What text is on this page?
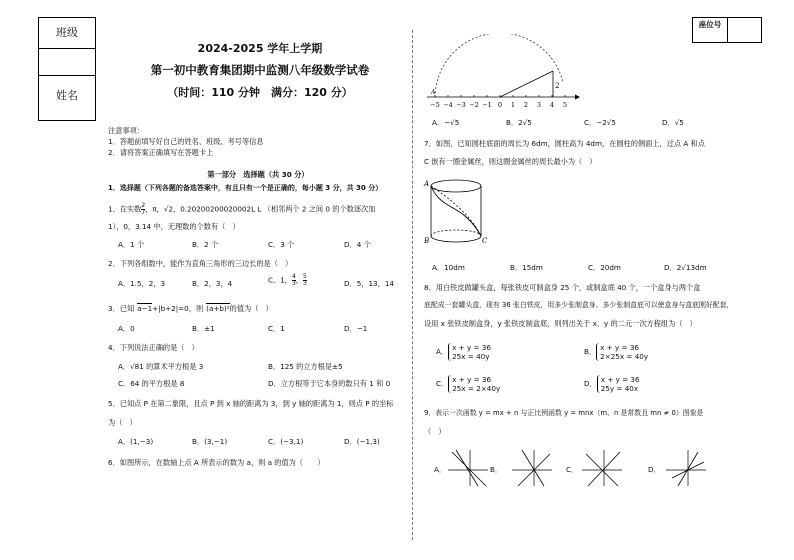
班级
姓名
座位号
2024-2025 学年上学期
第一初中教育集团期中监测八年级数学试卷
（时间：110 分钟　满分：120 分）
注意事项：
1．答题前填写好自己的姓名、班级、考号等信息
2．请将答案正确填写在答题卡上
第一部分　选择题（共 30 分）
1．选择题（下列各题的备选答案中，有且只有一个是正确的，每小题 3 分，共 30 分）
1．在实数 $\frac{2}{7}$ ，π，√2，0.20200200020002L L （相邻两个 2 之间 0 的个数逐次加
1），0，3.14 中，无理数的个数有（　）
A．1 个	B．2 个	C．3 个	D．4 个
2．下列各组数中，能作为直角三角形的三边长的是（　）
A．1.5，2，3	B．2，3，4	C．1， $\frac{4}{3}$ ， $\frac{5}{3}$	D．5，13，14
3．已知 a−1+|b+2|=0，则 (a+b)²的值为（　）
A．0	B．±1	C．1	D．−1
4．下列说法正确的是（　）
A．√81 的算术平方根是 3	B．125 的立方根是±5
C．64 的平方根是 8	D．立方根等于它本身的数只有 1 和 0
5．已知点 P 在第二象限，且点 P 到 x 轴的距离为 3，到 y 轴的距离为 1，则点 P 的坐标
为（　）
A．(1,−3)	B．(3,−1)	C．(−3,1)	D．(−1,3)
6．如图所示，在数轴上点 A 所表示的数为 a，则 a 的值为（　　）
2
A
−5 −4 −3 −2 −1 0 1 2 3 4 5
A．−√5	B．2√5	C．−2√5	D．√5
7．如图，已知圆柱底面的周长为 6dm，圆柱高为 4dm，在圆柱的侧面上，过点 A 和点
C 嵌有一圈金属丝，则这圈金属丝的周长最小为（　）
A
B	C
A．10dm	B．15dm	C．20dm	D．2√13dm
8．用白铁皮做罐头盒，每张铁皮可制盒身 25 个，或制盒底 40 个，一个盒身与两个盒
底配成一套罐头盒，现有 36 张白铁皮，用多少张制盒身、多少张制盒底可以使盒身与盒底刚好配套，
设用 x 张铁皮制盒身，y 张铁皮制盒底，则列出关于 x、y 的二元一次方程组为（　）
A． x + y = 36
25x = 40y
B． x + y = 36
2×25x = 40y
C． x + y = 36
25x = 2×40y
D． x + y = 36
25y = 40x
9．表示一次函数 y = mx + n 与正比例函数 y = mnx（m、n 是常数且 mn ≠ 0）图象是
（　）
A．	B．	C．	D．
